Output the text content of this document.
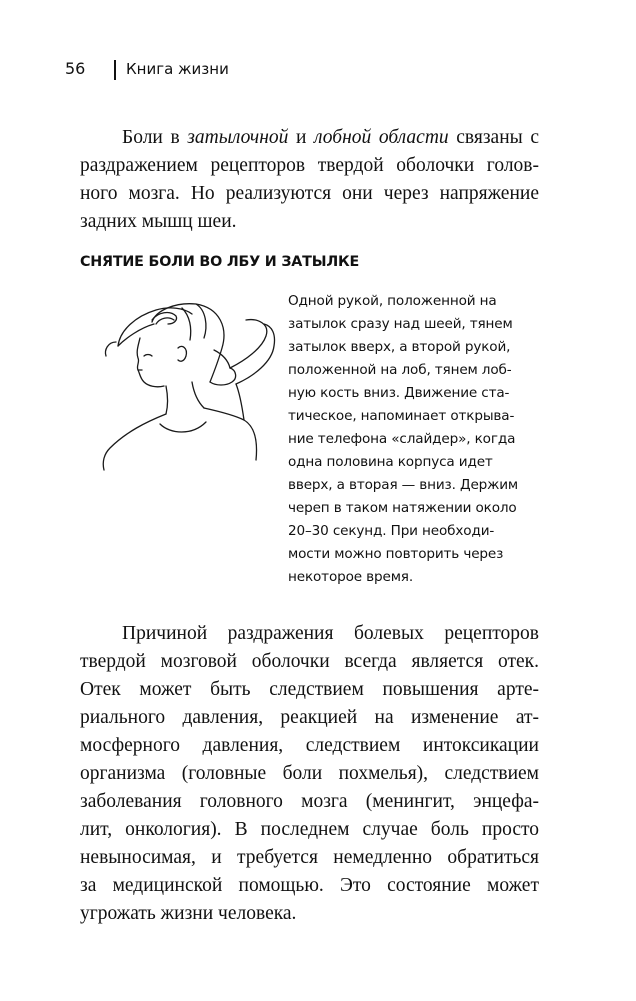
56	Книга жизни
Боли в затылочной и лобной области связаны с
раздражением рецепторов твердой оболочки голов-
ного мозга. Но реализуются они через напряжение
задних мышц шеи.
СНЯТИЕ БОЛИ ВО ЛБУ И ЗАТЫЛКЕ
Одной рукой, положенной на
затылок сразу над шеей, тянем
затылок вверх, а второй рукой,
положенной на лоб, тянем лоб-
ную кость вниз. Движение ста-
тическое, напоминает открыва-
ние телефона «слайдер», когда
одна половина корпуса идет
вверх, а вторая — вниз. Держим
череп в таком натяжении около
20–30 секунд. При необходи-
мости можно повторить через
некоторое время.
Причиной раздражения болевых рецепторов
твердой мозговой оболочки всегда является отек.
Отек может быть следствием повышения арте-
риального давления, реакцией на изменение ат-
мосферного давления, следствием интоксикации
организма (головные боли похмелья), следствием
заболевания головного мозга (менингит, энцефа-
лит, онкология). В последнем случае боль просто
невыносимая, и требуется немедленно обратиться
за медицинской помощью. Это состояние может
угрожать жизни человека.
